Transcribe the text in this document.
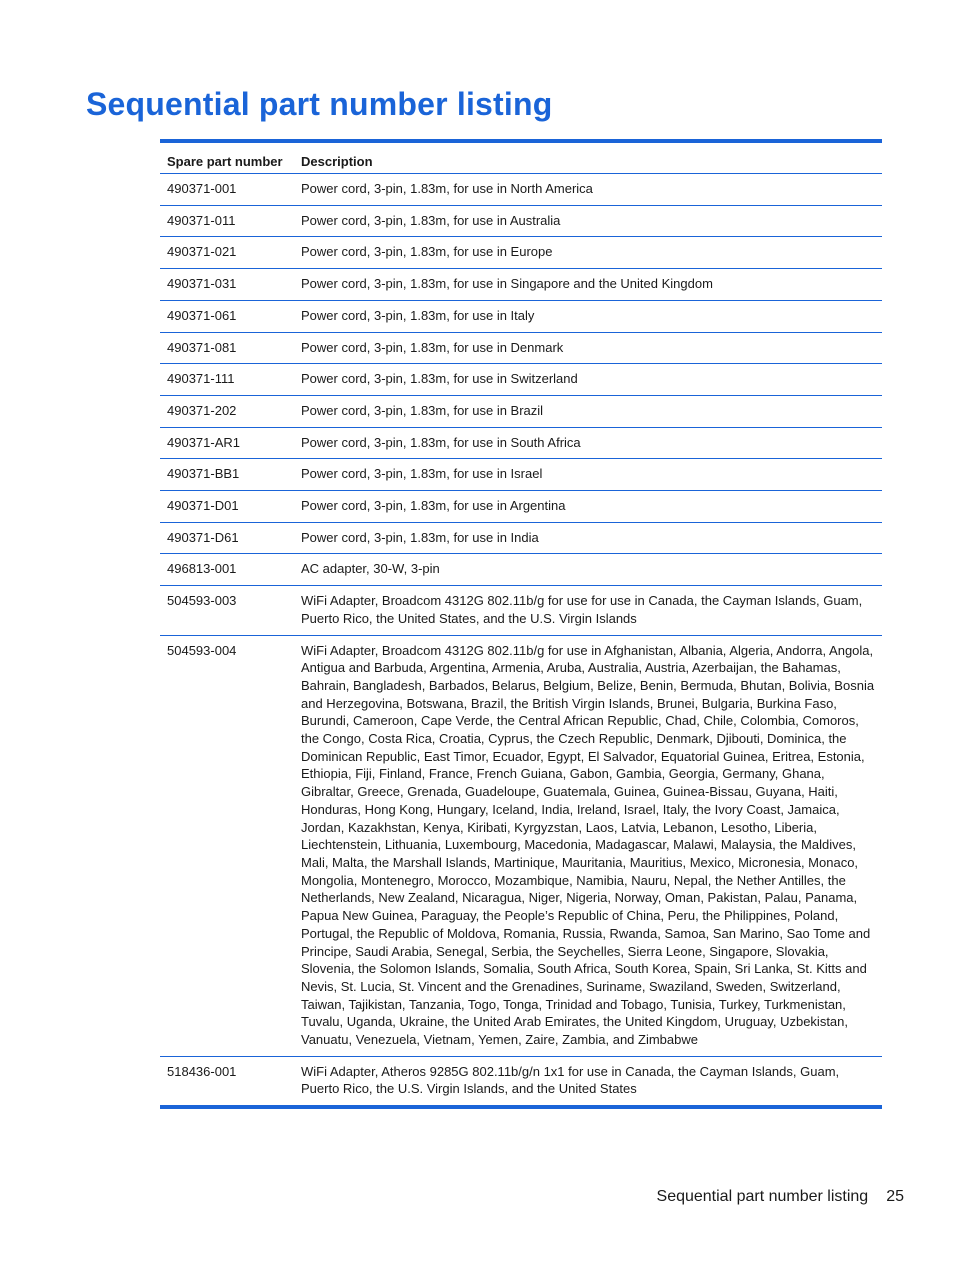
Sequential part number listing
Spare part number	Description
490371-001	Power cord, 3-pin, 1.83m, for use in North America
490371-011	Power cord, 3-pin, 1.83m, for use in Australia
490371-021	Power cord, 3-pin, 1.83m, for use in Europe
490371-031	Power cord, 3-pin, 1.83m, for use in Singapore and the United Kingdom
490371-061	Power cord, 3-pin, 1.83m, for use in Italy
490371-081	Power cord, 3-pin, 1.83m, for use in Denmark
490371-111	Power cord, 3-pin, 1.83m, for use in Switzerland
490371-202	Power cord, 3-pin, 1.83m, for use in Brazil
490371-AR1	Power cord, 3-pin, 1.83m, for use in South Africa
490371-BB1	Power cord, 3-pin, 1.83m, for use in Israel
490371-D01	Power cord, 3-pin, 1.83m, for use in Argentina
490371-D61	Power cord, 3-pin, 1.83m, for use in India
496813-001	AC adapter, 30-W, 3-pin
504593-003	WiFi Adapter, Broadcom 4312G 802.11b/g for use for use in Canada, the Cayman Islands, Guam, Puerto Rico, the United States, and the U.S. Virgin Islands
504593-004	WiFi Adapter, Broadcom 4312G 802.11b/g for use in Afghanistan, Albania, Algeria, Andorra, Angola, Antigua and Barbuda, Argentina, Armenia, Aruba, Australia, Austria, Azerbaijan, the Bahamas, Bahrain, Bangladesh, Barbados, Belarus, Belgium, Belize, Benin, Bermuda, Bhutan, Bolivia, Bosnia and Herzegovina, Botswana, Brazil, the British Virgin Islands, Brunei, Bulgaria, Burkina Faso, Burundi, Cameroon, Cape Verde, the Central African Republic, Chad, Chile, Colombia, Comoros, the Congo, Costa Rica, Croatia, Cyprus, the Czech Republic, Denmark, Djibouti, Dominica, the Dominican Republic, East Timor, Ecuador, Egypt, El Salvador, Equatorial Guinea, Eritrea, Estonia, Ethiopia, Fiji, Finland, France, French Guiana, Gabon, Gambia, Georgia, Germany, Ghana, Gibraltar, Greece, Grenada, Guadeloupe, Guatemala, Guinea, Guinea-Bissau, Guyana, Haiti, Honduras, Hong Kong, Hungary, Iceland, India, Ireland, Israel, Italy, the Ivory Coast, Jamaica, Jordan, Kazakhstan, Kenya, Kiribati, Kyrgyzstan, Laos, Latvia, Lebanon, Lesotho, Liberia, Liechtenstein, Lithuania, Luxembourg, Macedonia, Madagascar, Malawi, Malaysia, the Maldives, Mali, Malta, the Marshall Islands, Martinique, Mauritania, Mauritius, Mexico, Micronesia, Monaco, Mongolia, Montenegro, Morocco, Mozambique, Namibia, Nauru, Nepal, the Nether Antilles, the Netherlands, New Zealand, Nicaragua, Niger, Nigeria, Norway, Oman, Pakistan, Palau, Panama, Papua New Guinea, Paraguay, the People’s Republic of China, Peru, the Philippines, Poland, Portugal, the Republic of Moldova, Romania, Russia, Rwanda, Samoa, San Marino, Sao Tome and Principe, Saudi Arabia, Senegal, Serbia, the Seychelles, Sierra Leone, Singapore, Slovakia, Slovenia, the Solomon Islands, Somalia, South Africa, South Korea, Spain, Sri Lanka, St. Kitts and Nevis, St. Lucia, St. Vincent and the Grenadines, Suriname, Swaziland, Sweden, Switzerland, Taiwan, Tajikistan, Tanzania, Togo, Tonga, Trinidad and Tobago, Tunisia, Turkey, Turkmenistan, Tuvalu, Uganda, Ukraine, the United Arab Emirates, the United Kingdom, Uruguay, Uzbekistan, Vanuatu, Venezuela, Vietnam, Yemen, Zaire, Zambia, and Zimbabwe
518436-001	WiFi Adapter, Atheros 9285G 802.11b/g/n 1x1 for use in Canada, the Cayman Islands, Guam, Puerto Rico, the U.S. Virgin Islands, and the United States
Sequential part number listing 25
